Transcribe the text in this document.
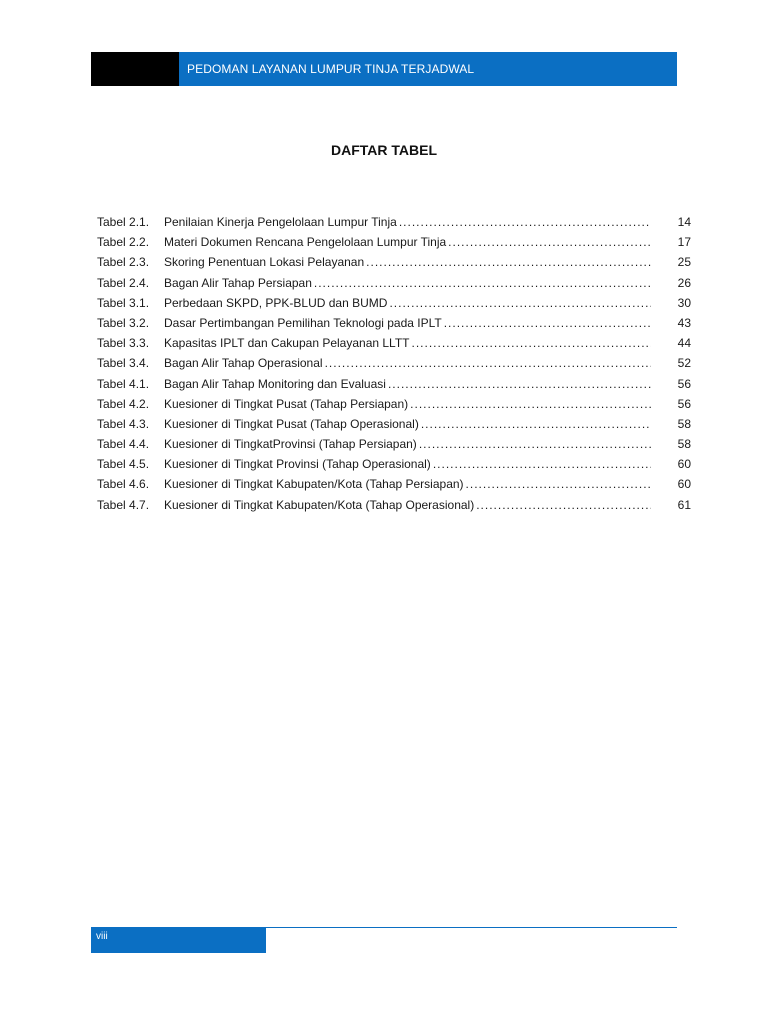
PEDOMAN LAYANAN LUMPUR TINJA TERJADWAL
DAFTAR TABEL
Tabel 2.1.	Penilaian Kinerja Pengelolaan Lumpur Tinja .....	14
Tabel 2.2.	Materi Dokumen Rencana Pengelolaan Lumpur Tinja .....	17
Tabel 2.3.	Skoring Penentuan Lokasi Pelayanan .....	25
Tabel 2.4.	Bagan Alir Tahap Persiapan .....	26
Tabel 3.1.	Perbedaan SKPD, PPK-BLUD dan BUMD .....	30
Tabel 3.2.	Dasar Pertimbangan Pemilihan Teknologi pada IPLT .....	43
Tabel 3.3.	Kapasitas IPLT dan Cakupan Pelayanan LLTT .....	44
Tabel 3.4.	Bagan Alir Tahap Operasional .....	52
Tabel 4.1.	Bagan Alir Tahap Monitoring dan Evaluasi .....	56
Tabel 4.2.	Kuesioner di Tingkat Pusat (Tahap Persiapan) .....	56
Tabel 4.3.	Kuesioner di Tingkat Pusat (Tahap Operasional) .....	58
Tabel 4.4.	Kuesioner di TingkatProvinsi (Tahap Persiapan) .....	58
Tabel 4.5.	Kuesioner di Tingkat Provinsi (Tahap Operasional) .....	60
Tabel 4.6.	Kuesioner di Tingkat Kabupaten/Kota (Tahap Persiapan) .....	60
Tabel 4.7.	Kuesioner di Tingkat Kabupaten/Kota (Tahap Operasional) .....	61
viii
